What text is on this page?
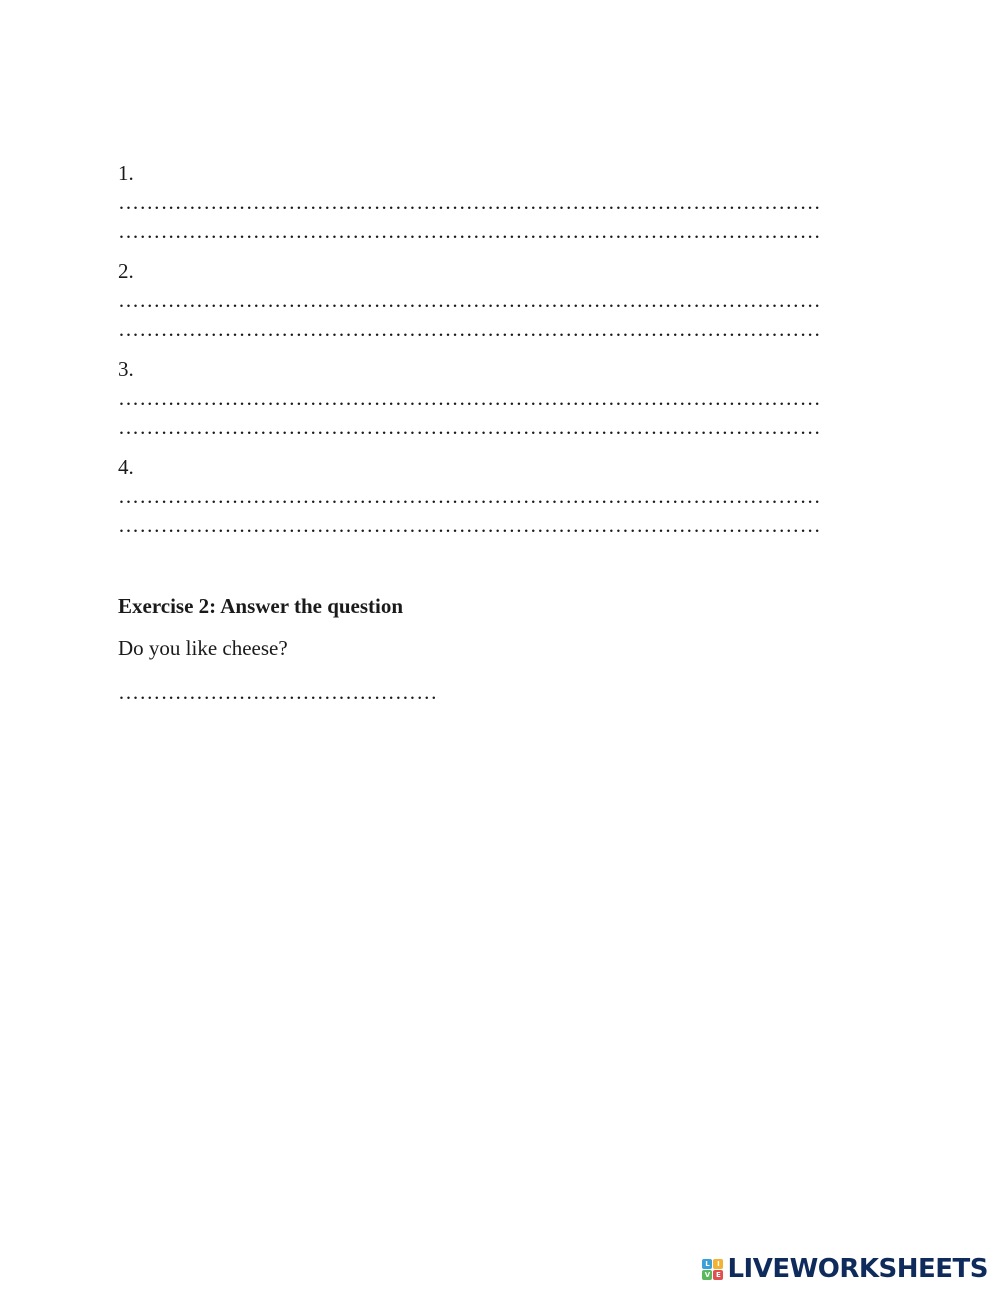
1.
………………………………………………………………………………………
………………………………………………………………………………………
2.
………………………………………………………………………………………
………………………………………………………………………………………
3.
………………………………………………………………………………………
………………………………………………………………………………………
4.
………………………………………………………………………………………
………………………………………………………………………………………
Exercise 2: Answer the question
Do you like cheese?
………………………………………
L	I
V E LIVEWORKSHEETS
